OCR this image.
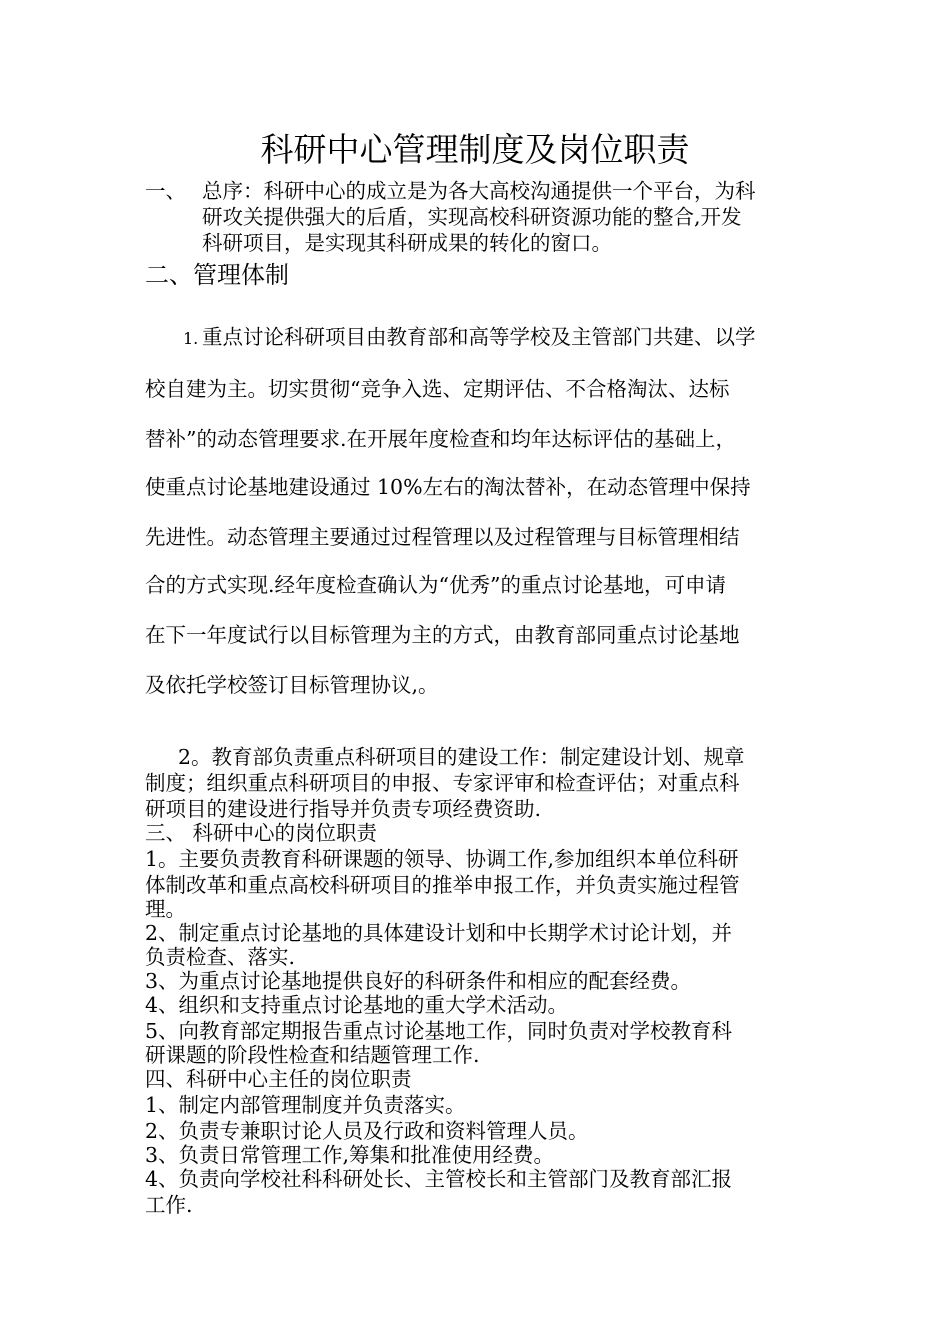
科研中心管理制度及岗位职责
一、 总序：科研中心的成立是为各大高校沟通提供一个平台，为科
研攻关提供强大的后盾，实现高校科研资源功能的整合,开发
科研项目，是实现其科研成果的转化的窗口。
二、管理体制
1. 重点讨论科研项目由教育部和高等学校及主管部门共建、以学
校自建为主。切实贯彻“竞争入选、定期评估、不合格淘汰、达标
替补”的动态管理要求.在开展年度检查和均年达标评估的基础上，
使重点讨论基地建设通过 10%左右的淘汰替补，在动态管理中保持
先进性。动态管理主要通过过程管理以及过程管理与目标管理相结
合的方式实现.经年度检查确认为“优秀”的重点讨论基地，可申请
在下一年度试行以目标管理为主的方式，由教育部同重点讨论基地
及依托学校签订目标管理协议,。
2。教育部负责重点科研项目的建设工作：制定建设计划、规章
制度；组织重点科研项目的申报、专家评审和检查评估；对重点科
研项目的建设进行指导并负责专项经费资助.
三、 科研中心的岗位职责
1。主要负责教育科研课题的领导、协调工作,参加组织本单位科研
体制改革和重点高校科研项目的推举申报工作，并负责实施过程管
理。
2、制定重点讨论基地的具体建设计划和中长期学术讨论计划，并
负责检查、落实.
3、为重点讨论基地提供良好的科研条件和相应的配套经费。
4、组织和支持重点讨论基地的重大学术活动。
5、向教育部定期报告重点讨论基地工作，同时负责对学校教育科
研课题的阶段性检查和结题管理工作.
四、科研中心主任的岗位职责
1、制定内部管理制度并负责落实。
2、负责专兼职讨论人员及行政和资料管理人员。
3、负责日常管理工作,筹集和批准使用经费。
4、负责向学校社科科研处长、主管校长和主管部门及教育部汇报
工作.
